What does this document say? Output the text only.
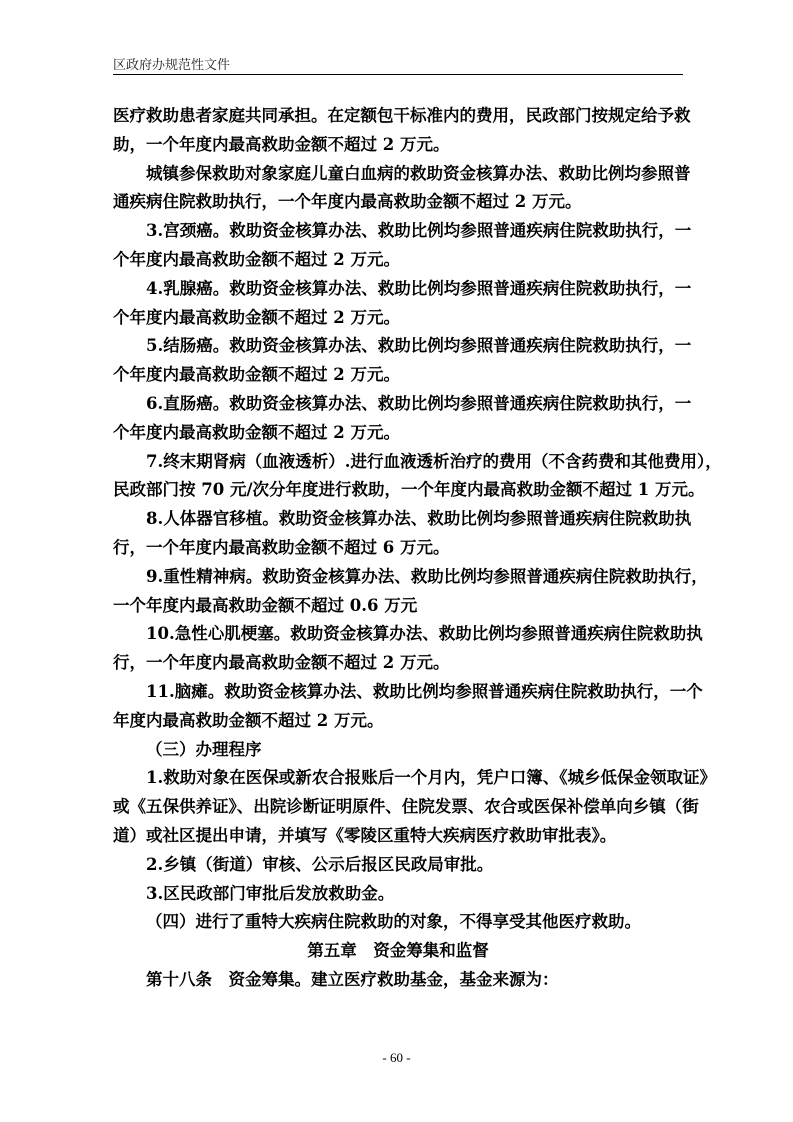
区政府办规范性文件
医疗救助患者家庭共同承担。在定额包干标准内的费用，民政部门按规定给予救
助，一个年度内最高救助金额不超过 2 万元。
城镇参保救助对象家庭儿童白血病的救助资金核算办法、救助比例均参照普
通疾病住院救助执行，一个年度内最高救助金额不超过 2 万元。
3.宫颈癌。救助资金核算办法、救助比例均参照普通疾病住院救助执行，一
个年度内最高救助金额不超过 2 万元。
4.乳腺癌。救助资金核算办法、救助比例均参照普通疾病住院救助执行，一
个年度内最高救助金额不超过 2 万元。
5.结肠癌。救助资金核算办法、救助比例均参照普通疾病住院救助执行，一
个年度内最高救助金额不超过 2 万元。
6.直肠癌。救助资金核算办法、救助比例均参照普通疾病住院救助执行，一
个年度内最高救助金额不超过 2 万元。
7.终末期肾病（血液透析）.进行血液透析治疗的费用（不含药费和其他费用），
民政部门按 70 元/次分年度进行救助，一个年度内最高救助金额不超过 1 万元。
8.人体器官移植。救助资金核算办法、救助比例均参照普通疾病住院救助执
行，一个年度内最高救助金额不超过 6 万元。
9.重性精神病。救助资金核算办法、救助比例均参照普通疾病住院救助执行，
一个年度内最高救助金额不超过 0.6 万元
10.急性心肌梗塞。救助资金核算办法、救助比例均参照普通疾病住院救助执
行，一个年度内最高救助金额不超过 2 万元。
11.脑瘫。救助资金核算办法、救助比例均参照普通疾病住院救助执行，一个
年度内最高救助金额不超过 2 万元。
（三）办理程序
1.救助对象在医保或新农合报账后一个月内，凭户口簿、《城乡低保金领取证》
或《五保供养证》、出院诊断证明原件、住院发票、农合或医保补偿单向乡镇（街
道）或社区提出申请，并填写《零陵区重特大疾病医疗救助审批表》。
2.乡镇（街道）审核、公示后报区民政局审批。
3.区民政部门审批后发放救助金。
（四）进行了重特大疾病住院救助的对象，不得享受其他医疗救助。
第五章　资金筹集和监督
第十八条　资金筹集。建立医疗救助基金，基金来源为：
- 60 -
